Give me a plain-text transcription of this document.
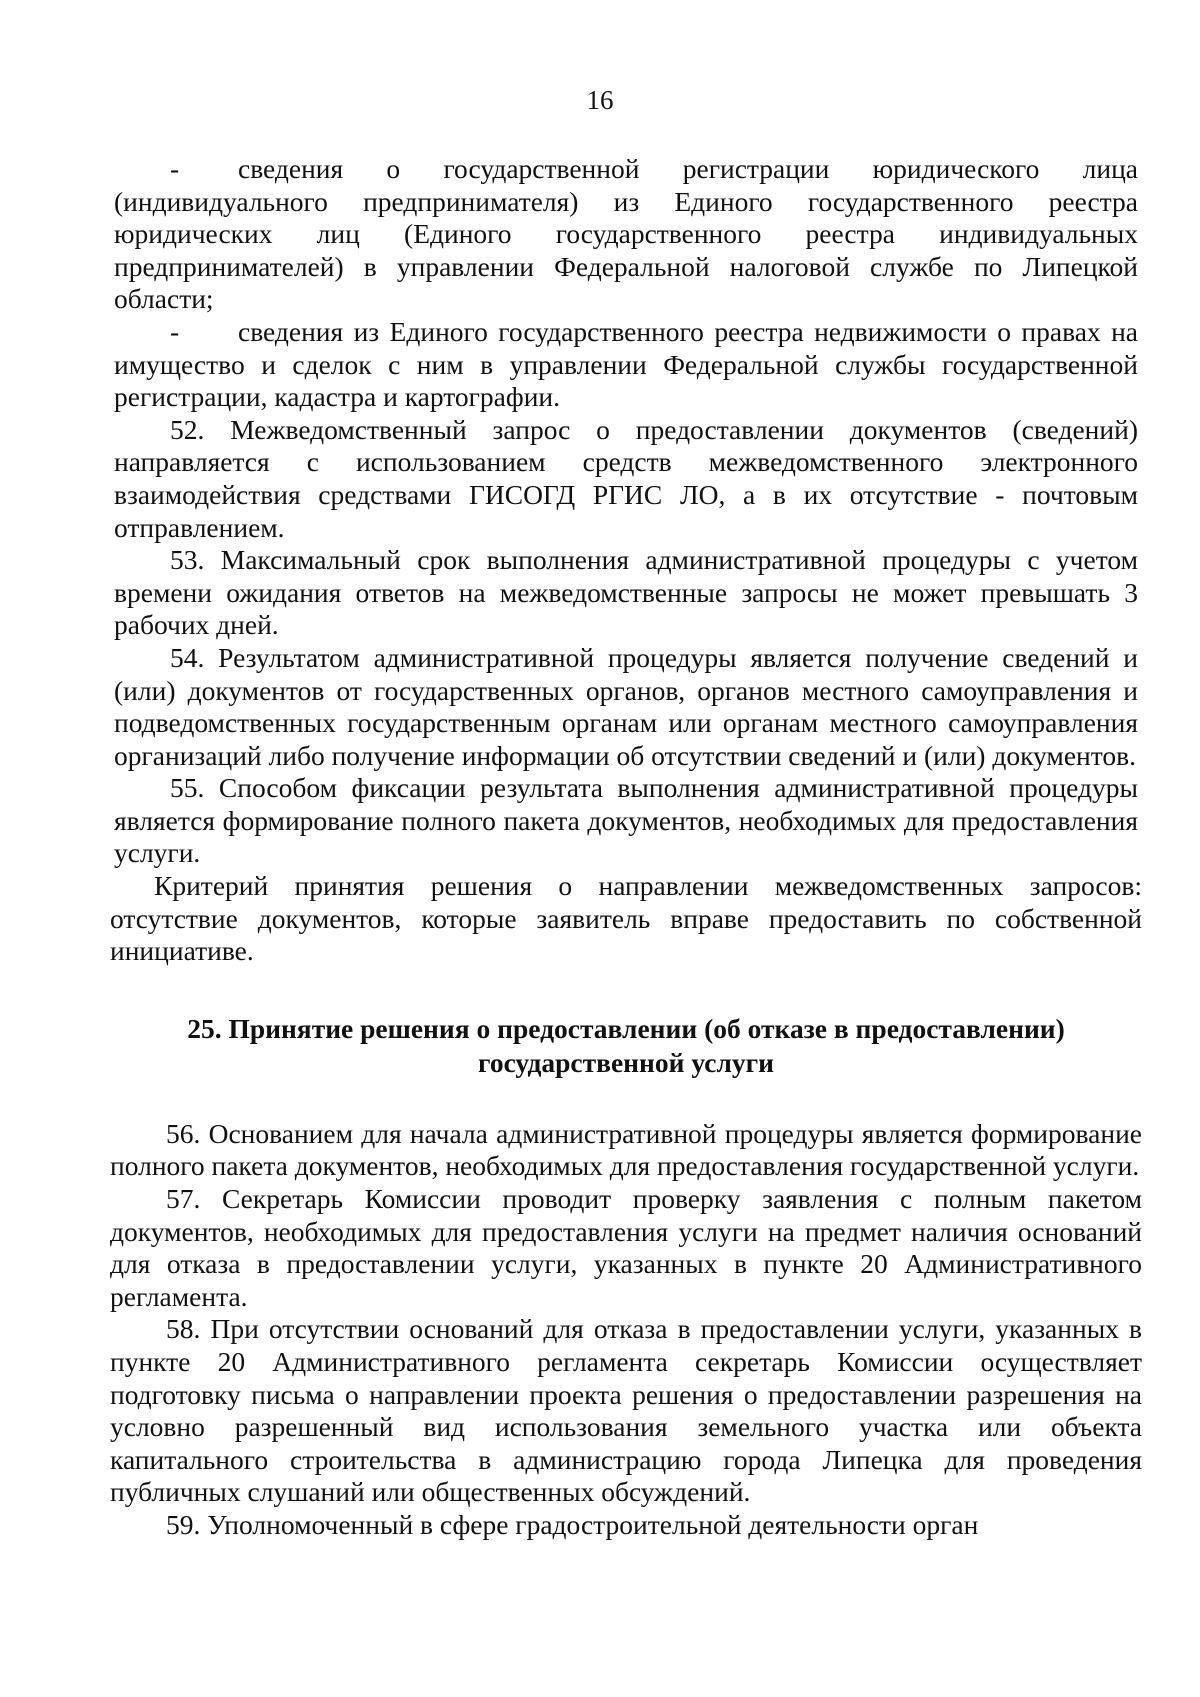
16

- сведения о государственной регистрации юридического лица (индивидуального предпринимателя) из Единого государственного реестра юридических лиц (Единого государственного реестра индивидуальных предпринимателей) в управлении Федеральной налоговой службе по Липецкой области;

- сведения из Единого государственного реестра недвижимости о правах на имущество и сделок с ним в управлении Федеральной службы государственной регистрации, кадастра и картографии.

52. Межведомственный запрос о предоставлении документов (сведений) направляется с использованием средств межведомственного электронного взаимодействия средствами ГИСОГД РГИС ЛО, а в их отсутствие - почтовым отправлением.

53. Максимальный срок выполнения административной процедуры с учетом времени ожидания ответов на межведомственные запросы не может превышать 3 рабочих дней.

54. Результатом административной процедуры является получение сведений и (или) документов от государственных органов, органов местного самоуправления и подведомственных государственным органам или органам местного самоуправления организаций либо получение информации об отсутствии сведений и (или) документов.

55. Способом фиксации результата выполнения административной процедуры является формирование полного пакета документов, необходимых для предоставления услуги.

Критерий принятия решения о направлении межведомственных запросов: отсутствие документов, которые заявитель вправе предоставить по собственной инициативе.

25. Принятие решения о предоставлении (об отказе в предоставлении)
государственной услуги

56. Основанием для начала административной процедуры является формирование полного пакета документов, необходимых для предоставления государственной услуги.

57. Секретарь Комиссии проводит проверку заявления с полным пакетом документов, необходимых для предоставления услуги на предмет наличия оснований для отказа в предоставлении услуги, указанных в пункте 20 Административного регламента.

58. При отсутствии оснований для отказа в предоставлении услуги, указанных в пункте 20 Административного регламента секретарь Комиссии осуществляет подготовку письма о направлении проекта решения о предоставлении разрешения на условно разрешенный вид использования земельного участка или объекта капитального строительства в администрацию города Липецка для проведения публичных слушаний или общественных обсуждений.

59. Уполномоченный в сфере градостроительной деятельности орган
